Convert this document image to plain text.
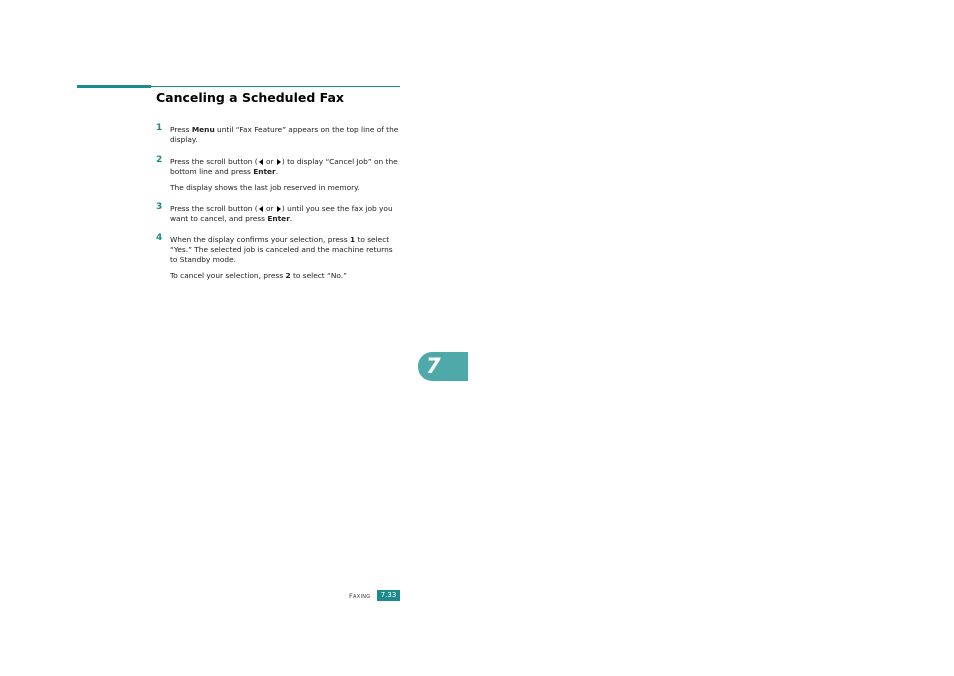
Canceling a Scheduled Fax
1 Press Menu until “Fax Feature” appears on the top line of the display.

2 Press the scroll button ( or ) to display “Cancel Job” on the bottom line and press Enter.

The display shows the last job reserved in memory.

3 Press the scroll button ( or ) until you see the fax job you want to cancel, and press Enter.

4 When the display confirms your selection, press 1 to select “Yes.” The selected job is canceled and the machine returns to Standby mode.

To cancel your selection, press 2 to select “No.”

7
Faxing	7.33
